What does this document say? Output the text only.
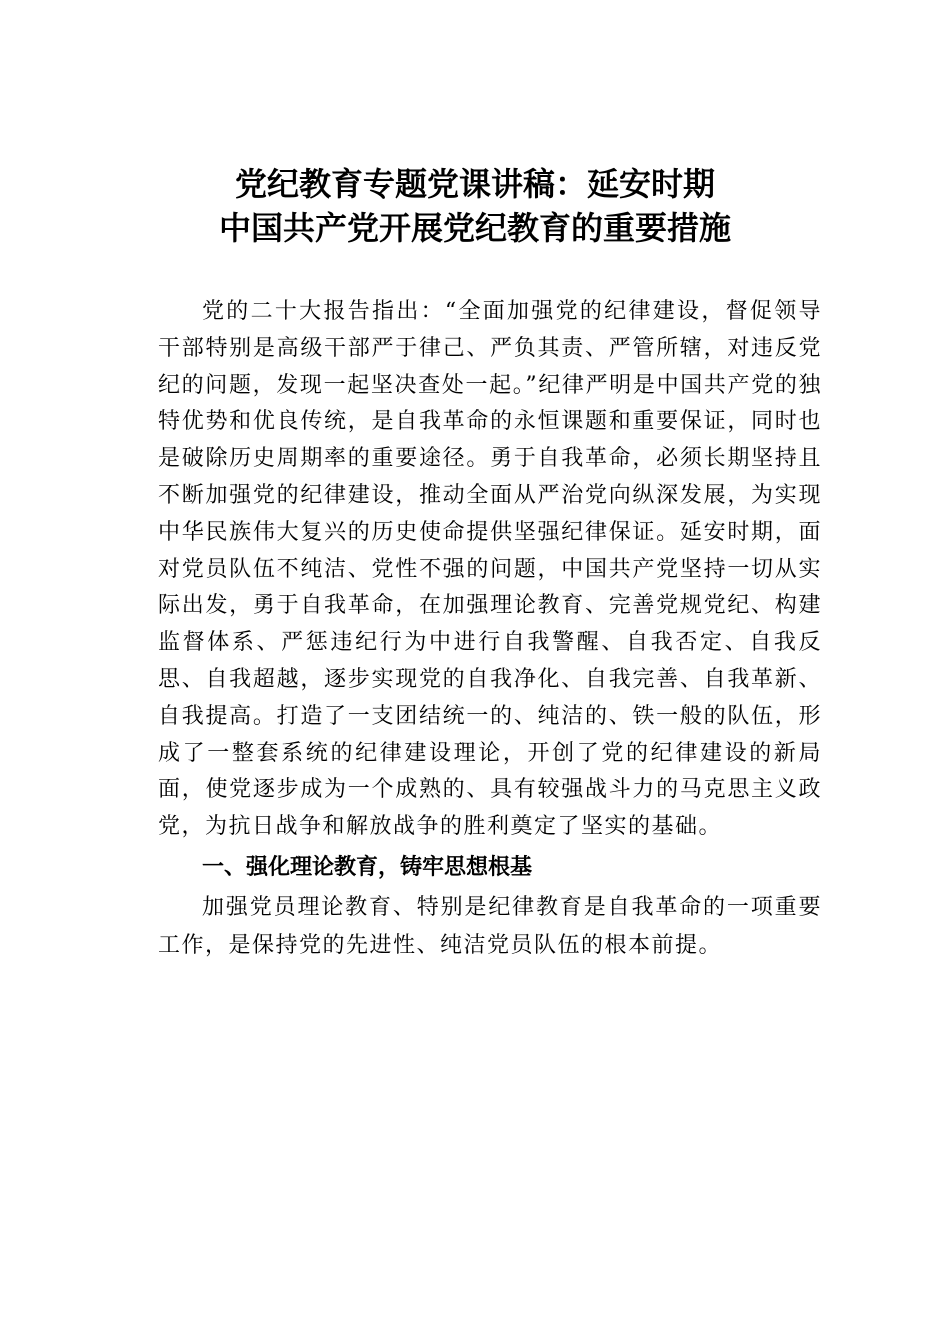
党纪教育专题党课讲稿：延安时期
中国共产党开展党纪教育的重要措施

党的二十大报告指出：“全面加强党的纪律建设，督促领导干部特别是高级干部严于律己、严负其责、严管所辖，对违反党纪的问题，发现一起坚决查处一起。”纪律严明是中国共产党的独特优势和优良传统，是自我革命的永恒课题和重要保证，同时也是破除历史周期率的重要途径。勇于自我革命，必须长期坚持且不断加强党的纪律建设，推动全面从严治党向纵深发展，为实现中华民族伟大复兴的历史使命提供坚强纪律保证。延安时期，面对党员队伍不纯洁、党性不强的问题，中国共产党坚持一切从实际出发，勇于自我革命，在加强理论教育、完善党规党纪、构建监督体系、严惩违纪行为中进行自我警醒、自我否定、自我反思、自我超越，逐步实现党的自我净化、自我完善、自我革新、自我提高。打造了一支团结统一的、纯洁的、铁一般的队伍，形成了一整套系统的纪律建设理论，开创了党的纪律建设的新局面，使党逐步成为一个成熟的、具有较强战斗力的马克思主义政党，为抗日战争和解放战争的胜利奠定了坚实的基础。

一、强化理论教育，铸牢思想根基

加强党员理论教育、特别是纪律教育是自我革命的一项重要工作，是保持党的先进性、纯洁党员队伍的根本前提。
